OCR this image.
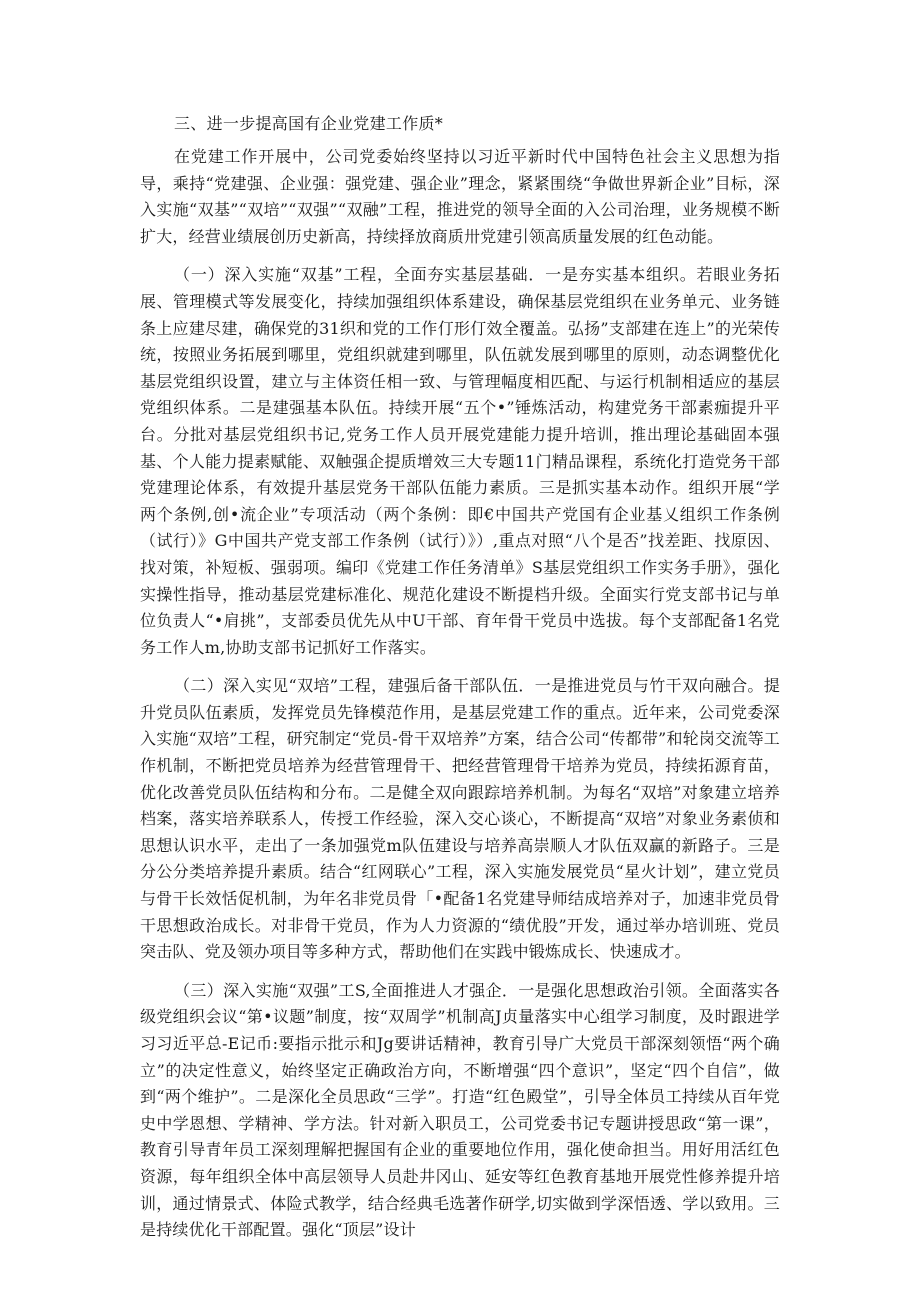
三、进一步提高国有企业党建工作质*

在党建工作开展中，公司党委始终坚持以习近平新时代中国特色社会主义思想为指导，乘持“党建强、企业强：强党建、强企业”理念，紧紧围绕“争做世界新企业”目标，深入实施“双基”“双培”“双强”“双融”工程，推进党的领导全面的入公司治理，业务规模不断扩大，经营业绩展创历史新高，持续择放商质卅党建引领高质量发展的红色动能。

（一）深入实施“双基”工程，全面夯实基层基础．一是夯实基本组织。若眼业务拓展、管理模式等发展变化，持续加强组织体系建设，确保基层党组织在业务单元、业务链条上应建尽建，确保党的31织和党的工作仃形仃效全覆盖。弘扬”支部建在连上”的光荣传统，按照业务拓展到哪里，党组织就建到哪里，队伍就发展到哪里的原则，动态调整优化基层党组织设置，建立与主体资任相一致、与管理幅度相匹配、与运行机制相适应的基层党组织体系。二是建强基本队伍。持续开展“五个•”锤炼活动，构建党务干部素痂提升平台。分批对基层党组织书记,党务工作人员开展党建能力提升培训，推出理论基础固本强基、个人能力提素赋能、双触强企提质增效三大专题11门精品课程，系统化打造党务干部党建理论体系，有效提升基层党务干部队伍能力素质。三是抓实基本动作。组织开展“学两个条例,创•流企业”专项活动（两个条例：即€中国共产党国有企业基乂组织工作条例（试行）》G中国共产党支部工作条例（试行）》）,重点对照“八个是否”找差距、找原因、找对策，补短板、强弱项。编印《党建工作任务清单》S基层党组织工作实务手册》，强化实操性指导，推动基层党建标准化、规范化建设不断提档升级。全面实行党支部书记与单位负责人“•肩挑”，支部委员优先从中U干部、育年骨干党员中选拔。每个支部配备1名党务工作人m,协助支部书记抓好工作落实。

（二）深入实见“双培”工程，建强后备干部队伍．一是推进党员与竹干双向融合。提升党员队伍素质，发挥党员先锋模范作用，是基层党建工作的重点。近年来，公司党委深入实施“双培”工程，研究制定“党员-骨干双培养”方案，结合公司“传都带”和轮岗交流等工作机制，不断把党员培养为经营管理骨干、把经营管理骨干培养为党员，持续拓源育苗，优化改善党员队伍结构和分布。二是健全双向跟踪培养机制。为每名“双培”对象建立培养档案，落实培养联系人，传授工作经验，深入交心谈心，不断提高“双培”对象业务素侦和思想认识水平，走出了一条加强党m队伍建设与培养高崇顺人才队伍双赢的新路子。三是分公分类培养提升素质。结合“红网联心”工程，深入实施发展党员“星火计划”，建立党员与骨干长效恬促机制，为年名非党员骨「•配备1名党建导师结成培养对子，加速非党员骨干思想政治成长。对非骨干党员，作为人力资源的“绩优股”开发，通过举办培训班、党员突击队、党及领办项目等多种方式，帮助他们在实践中锻炼成长、快速成才。

（三）深入实施“双强”工S,全面推进人才强企．一是强化思想政治引领。全面落实各级党组织会议“第•议题”制度，按“双周学”机制高J贞量落实中心组学习制度，及时跟进学习习近平总-E记币:要指示批示和Jg要讲话精神，教育引导广大党员干部深刻领悟“两个确立”的决定性意义，始终坚定正确政治方向，不断增强“四个意识”，坚定“四个自信”，做到“两个维护”。二是深化全员思政“三学”。打造“红色殿堂”，引导全体员工持续从百年党史中学恩想、学精神、学方法。针对新入职员工，公司党委书记专题讲授思政“第一课”，教育引导青年员工深刻理解把握国有企业的重要地位作用，强化使命担当。用好用活红色资源，每年组织全体中高层领导人员赴井冈山、延安等红色教育基地开展党性修养提升培训，通过情景式、体险式教学，结合经典毛选著作研学,切实做到学深悟透、学以致用。三是持续优化干部配置。强化“顶层”设计
